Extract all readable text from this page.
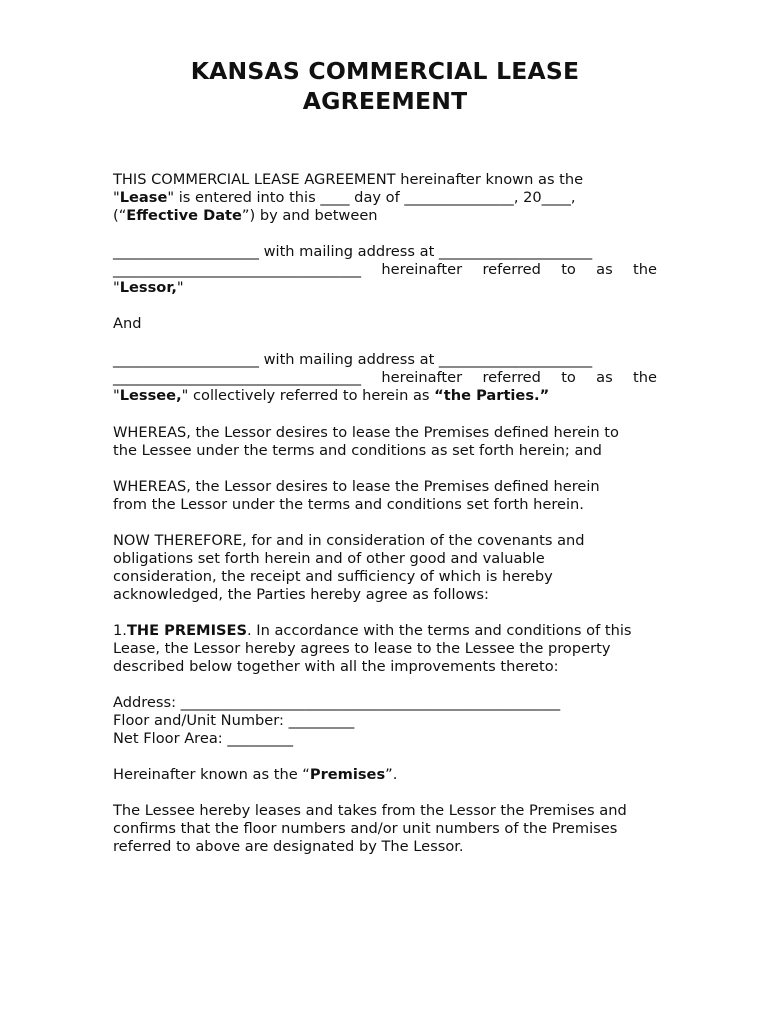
KANSAS COMMERCIAL LEASE
AGREEMENT
THIS COMMERCIAL LEASE AGREEMENT hereinafter known as the
"Lease" is entered into this ____ day of _______________, 20____,
(“Effective Date”) by and between
____________________ with mailing address at _____________________
__________________________________ hereinafter referred to as the
"Lessor,"
And
____________________ with mailing address at _____________________
__________________________________ hereinafter referred to as the
"Lessee," collectively referred to herein as “the Parties.”
WHEREAS, the Lessor desires to lease the Premises defined herein to
the Lessee under the terms and conditions as set forth herein; and
WHEREAS, the Lessor desires to lease the Premises defined herein
from the Lessor under the terms and conditions set forth herein.
NOW THEREFORE, for and in consideration of the covenants and
obligations set forth herein and of other good and valuable
consideration, the receipt and sufficiency of which is hereby
acknowledged, the Parties hereby agree as follows:
1.THE PREMISES. In accordance with the terms and conditions of this
Lease, the Lessor hereby agrees to lease to the Lessee the property
described below together with all the improvements thereto:
Address: ____________________________________________________
Floor and/Unit Number: _________
Net Floor Area: _________
Hereinafter known as the “Premises”.
The Lessee hereby leases and takes from the Lessor the Premises and
confirms that the floor numbers and/or unit numbers of the Premises
referred to above are designated by The Lessor.
